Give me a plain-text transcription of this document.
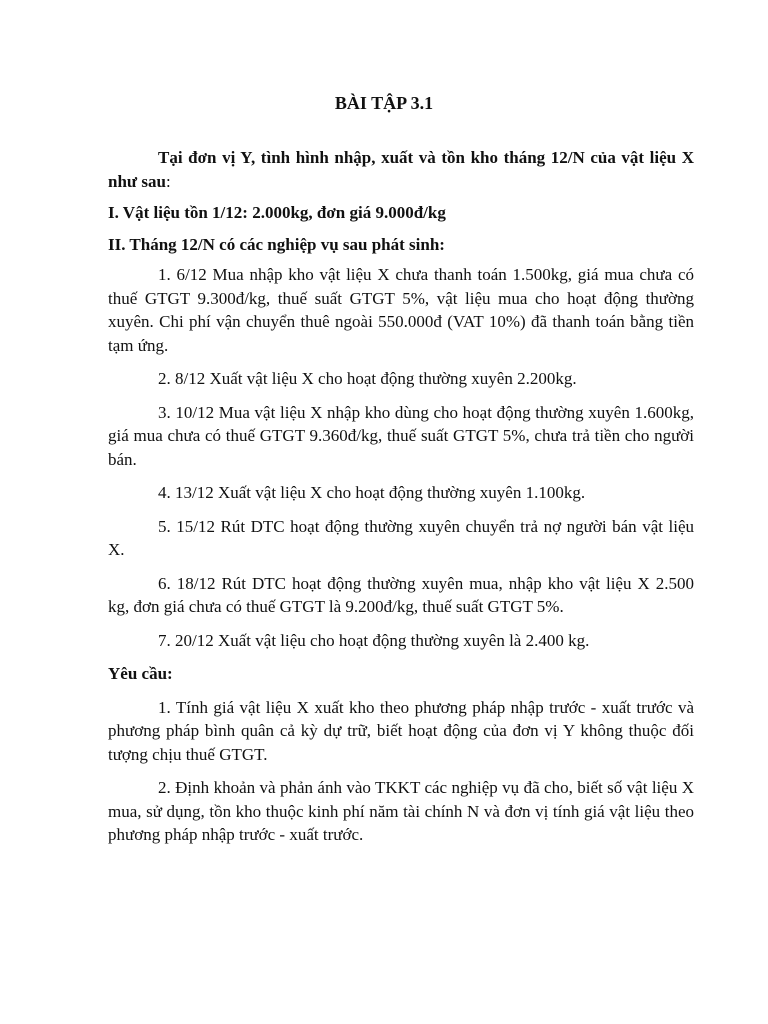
BÀI TẬP 3.1

Tại đơn vị Y, tình hình nhập, xuất và tồn kho tháng 12/N của vật liệu X như sau:

I. Vật liệu tồn 1/12: 2.000kg, đơn giá 9.000đ/kg

II. Tháng 12/N có các nghiệp vụ sau phát sinh:

1. 6/12 Mua nhập kho vật liệu X chưa thanh toán 1.500kg, giá mua chưa có thuế GTGT 9.300đ/kg, thuế suất GTGT 5%, vật liệu mua cho hoạt động thường xuyên. Chi phí vận chuyển thuê ngoài 550.000đ (VAT 10%) đã thanh toán bằng tiền tạm ứng.

2. 8/12 Xuất vật liệu X cho hoạt động thường xuyên 2.200kg.

3. 10/12 Mua vật liệu X nhập kho dùng cho hoạt động thường xuyên 1.600kg, giá mua chưa có thuế GTGT 9.360đ/kg, thuế suất GTGT 5%, chưa trả tiền cho người bán.

4. 13/12 Xuất vật liệu X cho hoạt động thường xuyên 1.100kg.

5. 15/12 Rút DTC hoạt động thường xuyên chuyển trả nợ người bán vật liệu X.

6. 18/12 Rút DTC hoạt động thường xuyên mua, nhập kho vật liệu X 2.500 kg, đơn giá chưa có thuế GTGT là 9.200đ/kg, thuế suất GTGT 5%.

7. 20/12 Xuất vật liệu cho hoạt động thường xuyên là 2.400 kg.

Yêu cầu:

1. Tính giá vật liệu X xuất kho theo phương pháp nhập trước - xuất trước và phương pháp bình quân cả kỳ dự trữ, biết hoạt động của đơn vị Y không thuộc đối tượng chịu thuế GTGT.

2. Định khoản và phản ánh vào TKKT các nghiệp vụ đã cho, biết số vật liệu X mua, sử dụng, tồn kho thuộc kinh phí năm tài chính N và đơn vị tính giá vật liệu theo phương pháp nhập trước - xuất trước.
